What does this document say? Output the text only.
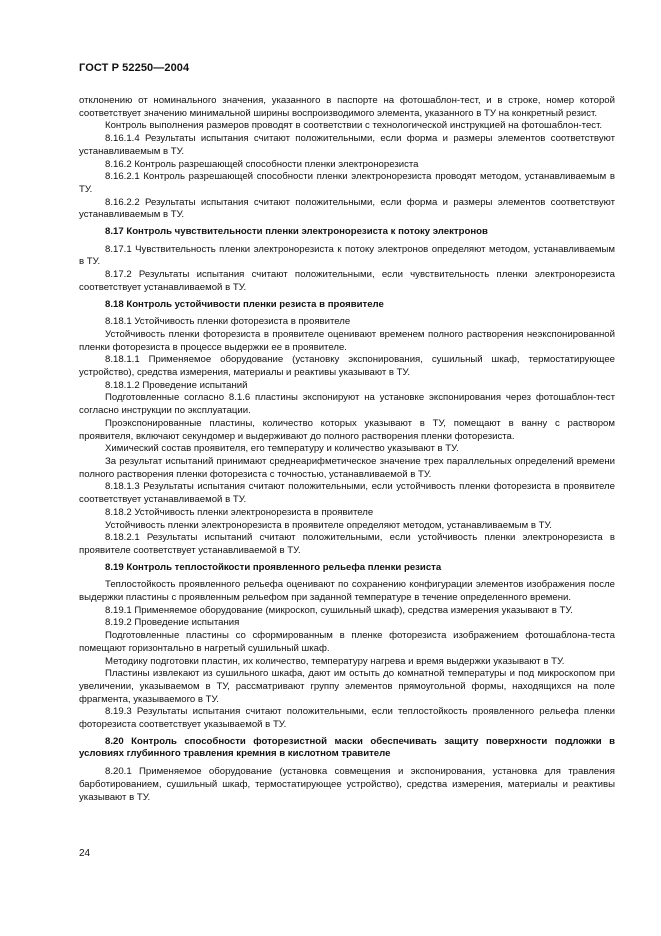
ГОСТ Р 52250—2004

отклонению от номинального значения, указанного в паспорте на фотошаблон-тест, и в строке, номер которой соответствует значению минимальной ширины воспроизводимого элемента, указанного в ТУ на конкретный резист.

Контроль выполнения размеров проводят в соответствии с технологической инструкцией на фотошаблон-тест.

8.16.1.4 Результаты испытания считают положительными, если форма и размеры элементов соответствуют устанавливаемым в ТУ.

8.16.2 Контроль разрешающей способности пленки электронорезиста

8.16.2.1 Контроль разрешающей способности пленки электронорезиста проводят методом, устанавливаемым в ТУ.

8.16.2.2 Результаты испытания считают положительными, если форма и размеры элементов соответствуют устанавливаемым в ТУ.

8.17 Контроль чувствительности пленки электронорезиста к потоку электронов

8.17.1 Чувствительность пленки электронорезиста к потоку электронов определяют методом, устанавливаемым в ТУ.

8.17.2 Результаты испытания считают положительными, если чувствительность пленки электронорезиста соответствует устанавливаемой в ТУ.

8.18 Контроль устойчивости пленки резиста в проявителе

8.18.1 Устойчивость пленки фоторезиста в проявителе

Устойчивость пленки фоторезиста в проявителе оценивают временем полного растворения неэкспонированной пленки фоторезиста в процессе выдержки ее в проявителе.

8.18.1.1 Применяемое оборудование (установку экспонирования, сушильный шкаф, термостатирующее устройство), средства измерения, материалы и реактивы указывают в ТУ.

8.18.1.2 Проведение испытаний

Подготовленные согласно 8.1.6 пластины экспонируют на установке экспонирования через фотошаблон-тест согласно инструкции по эксплуатации.

Проэкспонированные пластины, количество которых указывают в ТУ, помещают в ванну с раствором проявителя, включают секундомер и выдерживают до полного растворения пленки фоторезиста.

Химический состав проявителя, его температуру и количество указывают в ТУ.

За результат испытаний принимают среднеарифметическое значение трех параллельных определений времени полного растворения пленки фоторезиста с точностью, устанавливаемой в ТУ.

8.18.1.3 Результаты испытания считают положительными, если устойчивость пленки фоторезиста в проявителе соответствует устанавливаемой в ТУ.

8.18.2 Устойчивость пленки электронорезиста в проявителе

Устойчивость пленки электронорезиста в проявителе определяют методом, устанавливаемым в ТУ.

8.18.2.1 Результаты испытаний считают положительными, если устойчивость пленки электронорезиста в проявителе соответствует устанавливаемой в ТУ.

8.19 Контроль теплостойкости проявленного рельефа пленки резиста

Теплостойкость проявленного рельефа оценивают по сохранению конфигурации элементов изображения после выдержки пластины с проявленным рельефом при заданной температуре в течение определенного времени.

8.19.1 Применяемое оборудование (микроскоп, сушильный шкаф), средства измерения указывают в ТУ.

8.19.2 Проведение испытания

Подготовленные пластины со сформированным в пленке фоторезиста изображением фотошаблона-теста помещают горизонтально в нагретый сушильный шкаф.

Методику подготовки пластин, их количество, температуру нагрева и время выдержки указывают в ТУ.

Пластины извлекают из сушильного шкафа, дают им остыть до комнатной температуры и под микроскопом при увеличении, указываемом в ТУ, рассматривают группу элементов прямоугольной формы, находящихся на поле фрагмента, указываемого в ТУ.

8.19.3 Результаты испытания считают положительными, если теплостойкость проявленного рельефа пленки фоторезиста соответствует указываемой в ТУ.

8.20 Контроль способности фоторезистной маски обеспечивать защиту поверхности подложки в условиях глубинного травления кремния в кислотном травителе

8.20.1 Применяемое оборудование (установка совмещения и экспонирования, установка для травления барботированием, сушильный шкаф, термостатирующее устройство), средства измерения, материалы и реактивы указывают в ТУ.

24
